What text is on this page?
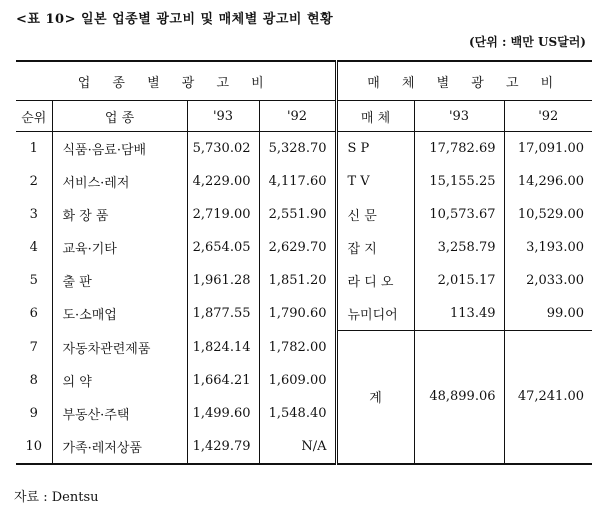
<표 10> 일본 업종별 광고비 및 매체별 광고비 현황
(단위 : 백만 US달러)
업 종 별 광 고 비				매 체 별 광 고 비		
순위	업 종	'93	'92	매 체	'93	'92
1	식품·음료·담배	5,730.02	5,328.70	S P	17,782.69	17,091.00
2	서비스·레저	4,229.00	4,117.60	T V	15,155.25	14,296.00
3	화 장 품	2,719.00	2,551.90	신 문	10,573.67	10,529.00
4	교육·기타	2,654.05	2,629.70	잡 지	3,258.79	3,193.00
5	출 판	1,961.28	1,851.20	라 디 오	2,015.17	2,033.00
6	도·소매업	1,877.55	1,790.60	뉴미디어	113.49	99.00
7	자동차관련제품	1,824.14	1,782.00	계	48,899.06	47,241.00
8	의 약	1,664.21	1,609.00			
9	부동산·주택	1,499.60	1,548.40			
10	가족·레저상품	1,429.79	N/A			
자료 : Dentsu
